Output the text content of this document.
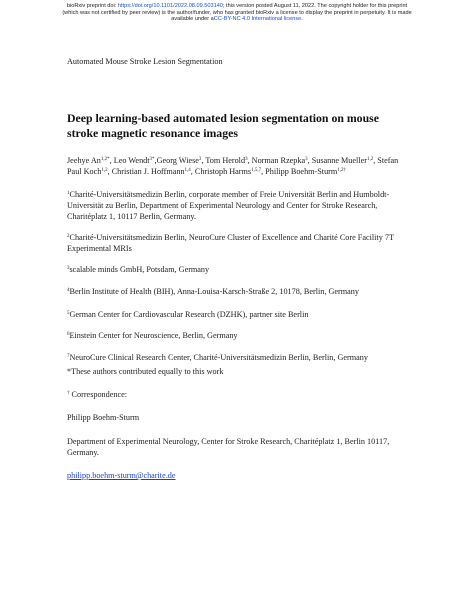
bioRxiv preprint doi: https://doi.org/10.1101/2022.08.09.503140; this version posted August 11, 2022. The copyright holder for this preprint
(which was not certified by peer review) is the author/funder, who has granted bioRxiv a license to display the preprint in perpetuity. It is made
available under aCC-BY-NC 4.0 International license.
Automated Mouse Stroke Lesion Segmentation
Deep learning-based automated lesion segmentation on mouse stroke magnetic resonance images

Jeehye $An^{1,2*}$, Leo Wendt$^{3*}$,Georg Wiese$^3$, Tom Herold$^3$, Norman Rzepka$^3$, Susanne Mueller$^{1,2}$, Stefan Paul Koch$^{1,2}$, Christian J. Hoffmann$^{1,4}$, Christoph Harms$^{1,5,7}$, Philipp Boehm-Sturm$^{1,2\dagger}$

$^1$Charité-Universitätsmedizin Berlin, corporate member of Freie Universität Berlin and Humboldt-Universität zu Berlin, Department of Experimental Neurology and Center for Stroke Research, Charitéplatz 1, 10117 Berlin, Germany.

$^2$Charité-Universitätsmedizin Berlin, NeuroCure Cluster of Excellence and Charité Core Facility 7T Experimental MRIs

$^3$scalable minds GmbH, Potsdam, Germany

$^4$Berlin Institute of Health (BIH), Anna-Louisa-Karsch-Straße 2, 10178, Berlin, Germany

$^5$German Center for Cardiovascular Research (DZHK), partner site Berlin

$^6$Einstein Center for Neuroscience, Berlin, Germany

$^7$NeuroCure Clinical Research Center, Charité-Universitätsmedizin Berlin, Berlin, Germany

*These authors contributed equally to this work

† Correspondence:

Philipp Boehm-Sturm

Department of Experimental Neurology, Center for Stroke Research, Charitéplatz 1, Berlin 10117, Germany.

philipp.boehm-sturm@charite.de
